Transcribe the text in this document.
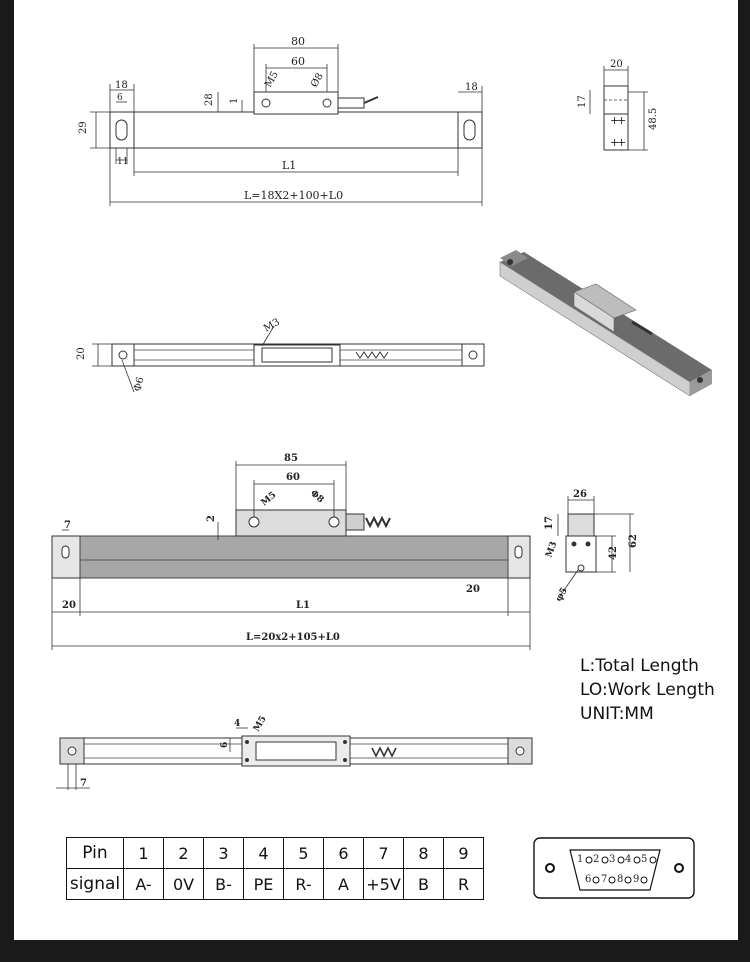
80
60
M5	Ø8
18
6
18
29
28 1
11	L1
L=18X2+100+L0
+
+
+
+
20
17
48.5
20
M3
Φ6
85
60
M5	Φ8
2
7
20
20
L1
L=20x2+105+L0
26
17
42
62
M3
φ5
4 M5
6
7
1 2 3 4 5
6 7 8 9
L:Total Length
LO:Work Length
UNIT:MM
Pin	1	2	3	4	5	6	7	8	9
signal	A-	0V	B-	PE	R-	A	+5V	B	R
